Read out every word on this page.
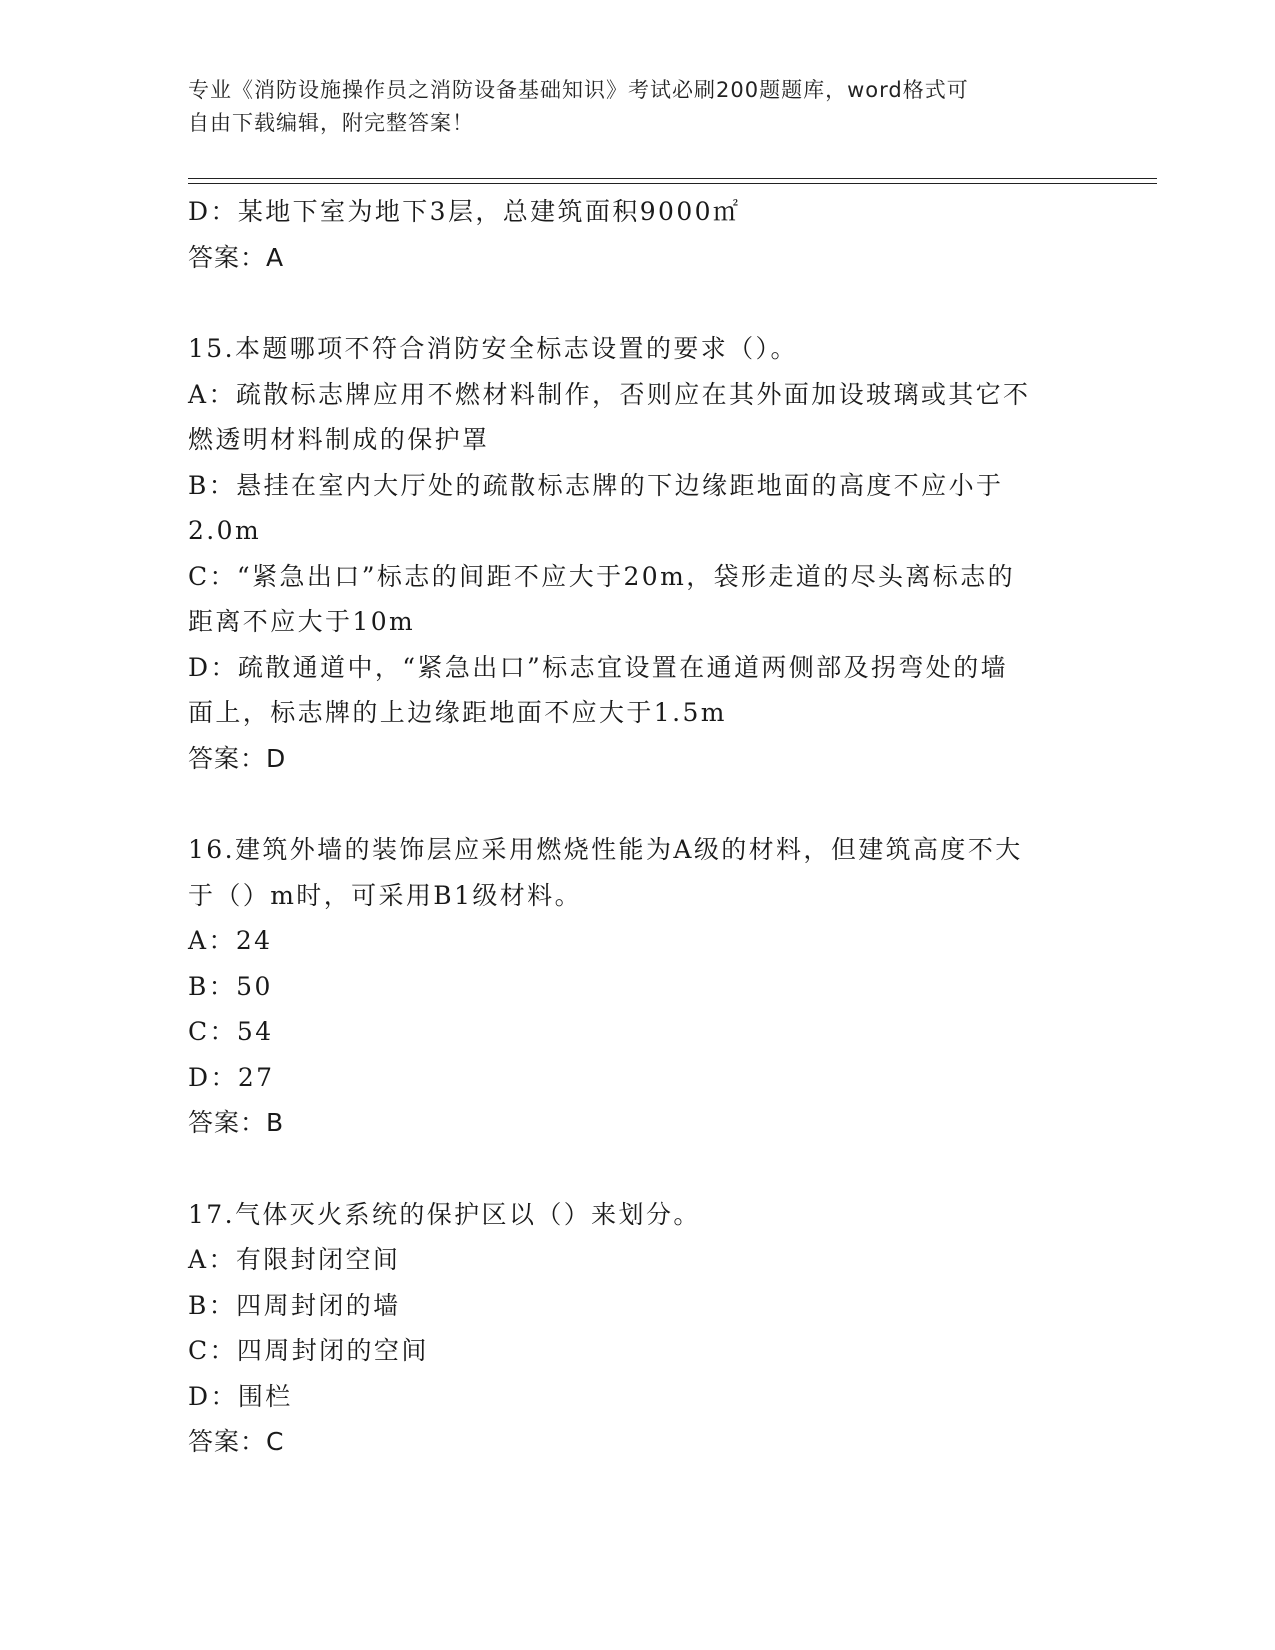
专业《消防设施操作员之消防设备基础知识》考试必刷200题题库，word格式可
自由下载编辑，附完整答案！
D：某地下室为地下3层，总建筑面积9000㎡
答案：A
15.本题哪项不符合消防安全标志设置的要求（）。
A：疏散标志牌应用不燃材料制作，否则应在其外面加设玻璃或其它不
燃透明材料制成的保护罩
B：悬挂在室内大厅处的疏散标志牌的下边缘距地面的高度不应小于
2.0m
C：“紧急出口”标志的间距不应大于20m，袋形走道的尽头离标志的
距离不应大于10m
D：疏散通道中，“紧急出口”标志宜设置在通道两侧部及拐弯处的墙
面上，标志牌的上边缘距地面不应大于1.5m
答案：D
16.建筑外墙的装饰层应采用燃烧性能为A级的材料，但建筑高度不大
于（）m时，可采用B1级材料。
A：24
B：50
C：54
D：27
答案：B
17.气体灭火系统的保护区以（）来划分。
A：有限封闭空间
B：四周封闭的墙
C：四周封闭的空间
D：围栏
答案：C
